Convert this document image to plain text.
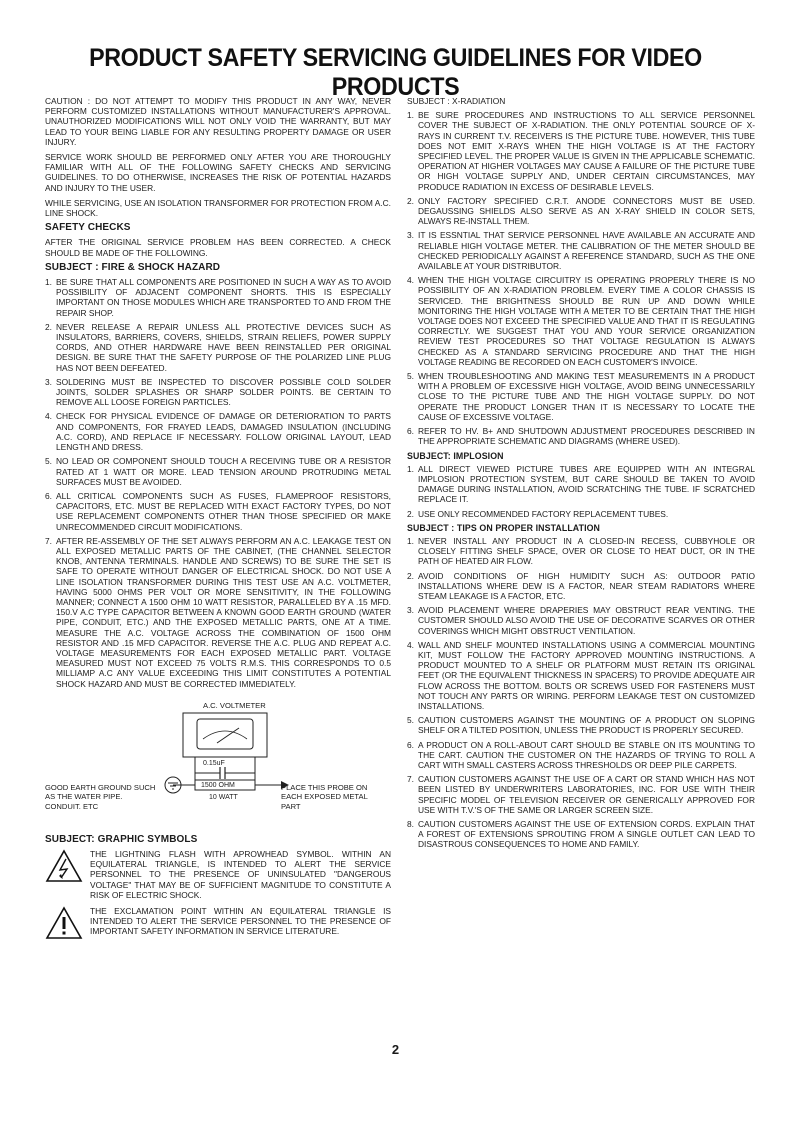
PRODUCT SAFETY SERVICING GUIDELINES FOR VIDEO PRODUCTS

CAUTION : DO NOT ATTEMPT TO MODIFY THIS PRODUCT IN ANY WAY, NEVER PERFORM CUSTOMIZED INSTALLATIONS WITHOUT MANUFACTURER'S APPROVAL. UNAUTHORIZED MODIFICATIONS WILL NOT ONLY VOID THE WARRANTY, BUT MAY LEAD TO YOUR BEING LIABLE FOR ANY RESULTING PROPERTY DAMAGE OR USER INJURY.

SERVICE WORK SHOULD BE PERFORMED ONLY AFTER YOU ARE THOROUGHLY FAMILIAR WITH ALL OF THE FOLLOWING SAFETY CHECKS AND SERVICING GUIDELINES. TO DO OTHERWISE, INCREASES THE RISK OF POTENTIAL HAZARDS AND INJURY TO THE USER.

WHILE SERVICING, USE AN ISOLATION TRANSFORMER FOR PROTECTION FROM A.C. LINE SHOCK.

SAFETY CHECKS

AFTER THE ORIGINAL SERVICE PROBLEM HAS BEEN CORRECTED. A CHECK SHOULD BE MADE OF THE FOLLOWING.

SUBJECT : FIRE & SHOCK HAZARD
1. BE SURE THAT ALL COMPONENTS ARE POSITIONED IN SUCH A WAY AS TO AVOID POSSIBILITY OF ADJACENT COMPONENT SHORTS. THIS IS ESPECIALLY IMPORTANT ON THOSE MODULES WHICH ARE TRANSPORTED TO AND FROM THE REPAIR SHOP.
2. NEVER RELEASE A REPAIR UNLESS ALL PROTECTIVE DEVICES SUCH AS INSULATORS, BARRIERS, COVERS, SHIELDS, STRAIN RELIEFS, POWER SUPPLY CORDS, AND OTHER HARDWARE HAVE BEEN REINSTALLED PER ORIGINAL DESIGN. BE SURE THAT THE SAFETY PURPOSE OF THE POLARIZED LINE PLUG HAS NOT BEEN DEFEATED.
3. SOLDERING MUST BE INSPECTED TO DISCOVER POSSIBLE COLD SOLDER JOINTS, SOLDER SPLASHES OR SHARP SOLDER POINTS. BE CERTAIN TO REMOVE ALL LOOSE FOREIGN PARTICLES.
4. CHECK FOR PHYSICAL EVIDENCE OF DAMAGE OR DETERIORATION TO PARTS AND COMPONENTS, FOR FRAYED LEADS, DAMAGED INSULATION (INCLUDING A.C. CORD), AND REPLACE IF NECESSARY. FOLLOW ORIGINAL LAYOUT, LEAD LENGTH AND DRESS.
5. NO LEAD OR COMPONENT SHOULD TOUCH A RECEIVING TUBE OR A RESISTOR RATED AT 1 WATT OR MORE. LEAD TENSION AROUND PROTRUDING METAL SURFACES MUST BE AVOIDED.
6. ALL CRITICAL COMPONENTS SUCH AS FUSES, FLAMEPROOF RESISTORS, CAPACITORS, ETC. MUST BE REPLACED WITH EXACT FACTORY TYPES, DO NOT USE REPLACEMENT COMPONENTS OTHER THAN THOSE SPECIFIED OR MAKE UNRECOMMENDED CIRCUIT MODIFICATIONS.
7. AFTER RE-ASSEMBLY OF THE SET ALWAYS PERFORM AN A.C. LEAKAGE TEST ON ALL EXPOSED METALLIC PARTS OF THE CABINET, (THE CHANNEL SELECTOR KNOB, ANTENNA TERMINALS. HANDLE AND SCREWS) TO BE SURE THE SET IS SAFE TO OPERATE WITHOUT DANGER OF ELECTRICAL SHOCK. DO NOT USE A LINE ISOLATION TRANSFORMER DURING THIS TEST USE AN A.C. VOLTMETER, HAVING 5000 OHMS PER VOLT OR MORE SENSITIVITY, IN THE FOLLOWING MANNER; CONNECT A 1500 OHM 10 WATT RESISTOR, PARALLELED BY A .15 MFD. 150.V A.C TYPE CAPACITOR BETWEEN A KNOWN GOOD EARTH GROUND (WATER PIPE, CONDUIT, ETC.) AND THE EXPOSED METALLIC PARTS, ONE AT A TIME. MEASURE THE A.C. VOLTAGE ACROSS THE COMBINATION OF 1500 OHM RESISTOR AND .15 MFD CAPACITOR. REVERSE THE A.C. PLUG AND REPEAT A.C. VOLTAGE MEASUREMENTS FOR EACH EXPOSED METALLIC PART. VOLTAGE MEASURED MUST NOT EXCEED 75 VOLTS R.M.S. THIS CORRESPONDS TO 0.5 MILLIAMP A.C ANY VALUE EXCEEDING THIS LIMIT CONSTITUTES A POTENTIAL SHOCK HAZARD AND MUST BE CORRECTED IMMEDIATELY.
A.C. VOLTMETER
0.15uF
1500 OHM
10 WATT
GOOD EARTH GROUND SUCH AS THE WATER PIPE. CONDUIT. ETC
PLACE THIS PROBE ON EACH EXPOSED METAL PART
SUBJECT: GRAPHIC SYMBOLS
THE LIGHTNING FLASH WITH APROWHEAD SYMBOL. WITHIN AN EQUILATERAL TRIANGLE, IS INTENDED TO ALERT THE SERVICE PERSONNEL TO THE PRESENCE OF UNINSULATED "DANGEROUS VOLTAGE" THAT MAY BE OF SUFFICIENT MAGNITUDE TO CONSTITUTE A RISK OF ELECTRIC SHOCK.
THE EXCLAMATION POINT WITHIN AN EQUILATERAL TRIANGLE IS INTENDED TO ALERT THE SERVICE PERSONNEL TO THE PRESENCE OF IMPORTANT SAFETY INFORMATION IN SERVICE LITERATURE.
SUBJECT : X-RADIATION
1. BE SURE PROCEDURES AND INSTRUCTIONS TO ALL SERVICE PERSONNEL COVER THE SUBJECT OF X-RADIATION. THE ONLY POTENTIAL SOURCE OF X-RAYS IN CURRENT T.V. RECEIVERS IS THE PICTURE TUBE. HOWEVER, THIS TUBE DOES NOT EMIT X-RAYS WHEN THE HIGH VOLTAGE IS AT THE FACTORY SPECIFIED LEVEL. THE PROPER VALUE IS GIVEN IN THE APPLICABLE SCHEMATIC. OPERATION AT HIGHER VOLTAGES MAY CAUSE A FAILURE OF THE PICTURE TUBE OR HIGH VOLTAGE SUPPLY AND, UNDER CERTAIN CIRCUMSTANCES, MAY PRODUCE RADIATION IN EXCESS OF DESIRABLE LEVELS.
2. ONLY FACTORY SPECIFIED C.R.T. ANODE CONNECTORS MUST BE USED. DEGAUSSING SHIELDS ALSO SERVE AS AN X-RAY SHIELD IN COLOR SETS, ALWAYS RE-INSTALL THEM.
3. IT IS ESSNTIAL THAT SERVICE PERSONNEL HAVE AVAILABLE AN ACCURATE AND RELIABLE HIGH VOLTAGE METER. THE CALIBRATION OF THE METER SHOULD BE CHECKED PERIODICALLY AGAINST A REFERENCE STANDARD, SUCH AS THE ONE AVAILABLE AT YOUR DISTRIBUTOR.
4. WHEN THE HIGH VOLTAGE CIRCUITRY IS OPERATING PROPERLY THERE IS NO POSSIBILITY OF AN X-RADIATION PROBLEM. EVERY TIME A COLOR CHASSIS IS SERVICED. THE BRIGHTNESS SHOULD BE RUN UP AND DOWN WHILE MONITORING THE HIGH VOLTAGE WITH A METER TO BE CERTAIN THAT THE HIGH VOLTAGE DOES NOT EXCEED THE SPECIFIED VALUE AND THAT IT IS REGULATING CORRECTLY. WE SUGGEST THAT YOU AND YOUR SERVICE ORGANIZATION REVIEW TEST PROCEDURES SO THAT VOLTAGE REGULATION IS ALWAYS CHECKED AS A STANDARD SERVICING PROCEDURE AND THAT THE HIGH VOLTAGE READING BE RECORDED ON EACH CUSTOMER'S INVOICE.
5. WHEN TROUBLESHOOTING AND MAKING TEST MEASUREMENTS IN A PRODUCT WITH A PROBLEM OF EXCESSIVE HIGH VOLTAGE, AVOID BEING UNNECESSARILY CLOSE TO THE PICTURE TUBE AND THE HIGH VOLTAGE SUPPLY. DO NOT OPERATE THE PRODUCT LONGER THAN IT IS NECESSARY TO LOCATE THE CAUSE OF EXCESSIVE VOLTAGE.
6. REFER TO HV. B+ AND SHUTDOWN ADJUSTMENT PROCEDURES DESCRIBED IN THE APPROPRIATE SCHEMATIC AND DIAGRAMS (WHERE USED).
SUBJECT: IMPLOSION
1. ALL DIRECT VIEWED PICTURE TUBES ARE EQUIPPED WITH AN INTEGRAL IMPLOSION PROTECTION SYSTEM, BUT CARE SHOULD BE TAKEN TO AVOID DAMAGE DURING INSTALLATION, AVOID SCRATCHING THE TUBE. IF SCRATCHED REPLACE IT.
2. USE ONLY RECOMMENDED FACTORY REPLACEMENT TUBES.
SUBJECT : TIPS ON PROPER INSTALLATION
1. NEVER INSTALL ANY PRODUCT IN A CLOSED-IN RECESS, CUBBYHOLE OR CLOSELY FITTING SHELF SPACE, OVER OR CLOSE TO HEAT DUCT, OR IN THE PATH OF HEATED AIR FLOW.
2. AVOID CONDITIONS OF HIGH HUMIDITY SUCH AS: OUTDOOR PATIO INSTALLATIONS WHERE DEW IS A FACTOR, NEAR STEAM RADIATORS WHERE STEAM LEAKAGE IS A FACTOR, ETC.
3. AVOID PLACEMENT WHERE DRAPERIES MAY OBSTRUCT REAR VENTING. THE CUSTOMER SHOULD ALSO AVOID THE USE OF DECORATIVE SCARVES OR OTHER COVERINGS WHICH MIGHT OBSTRUCT VENTILATION.
4. WALL AND SHELF MOUNTED INSTALLATIONS USING A COMMERCIAL MOUNTING KIT, MUST FOLLOW THE FACTORY APPROVED MOUNTING INSTRUCTIONS. A PRODUCT MOUNTED TO A SHELF OR PLATFORM MUST RETAIN ITS ORIGINAL FEET (OR THE EQUIVALENT THICKNESS IN SPACERS) TO PROVIDE ADEQUATE AIR FLOW ACROSS THE BOTTOM. BOLTS OR SCREWS USED FOR FASTENERS MUST NOT TOUCH ANY PARTS OR WIRING. PERFORM LEAKAGE TEST ON CUSTOMIZED INSTALLATIONS.
5. CAUTION CUSTOMERS AGAINST THE MOUNTING OF A PRODUCT ON SLOPING SHELF OR A TILTED POSITION, UNLESS THE PRODUCT IS PROPERLY SECURED.
6. A PRODUCT ON A ROLL-ABOUT CART SHOULD BE STABLE ON ITS MOUNTING TO THE CART. CAUTION THE CUSTOMER ON THE HAZARDS OF TRYING TO ROLL A CART WITH SMALL CASTERS ACROSS THRESHOLDS OR DEEP PILE CARPETS.
7. CAUTION CUSTOMERS AGAINST THE USE OF A CART OR STAND WHICH HAS NOT BEEN LISTED BY UNDERWRITERS LABORATORIES, INC. FOR USE WITH THEIR SPECIFIC MODEL OF TELEVISION RECEIVER OR GENERICALLY APPROVED FOR USE WITH T.V.'S OF THE SAME OR LARGER SCREEN SIZE.
8. CAUTION CUSTOMERS AGAINST THE USE OF EXTENSION CORDS. EXPLAIN THAT A FOREST OF EXTENSIONS SPROUTING FROM A SINGLE OUTLET CAN LEAD TO DISASTROUS CONSEQUENCES TO HOME AND FAMILY.
2
